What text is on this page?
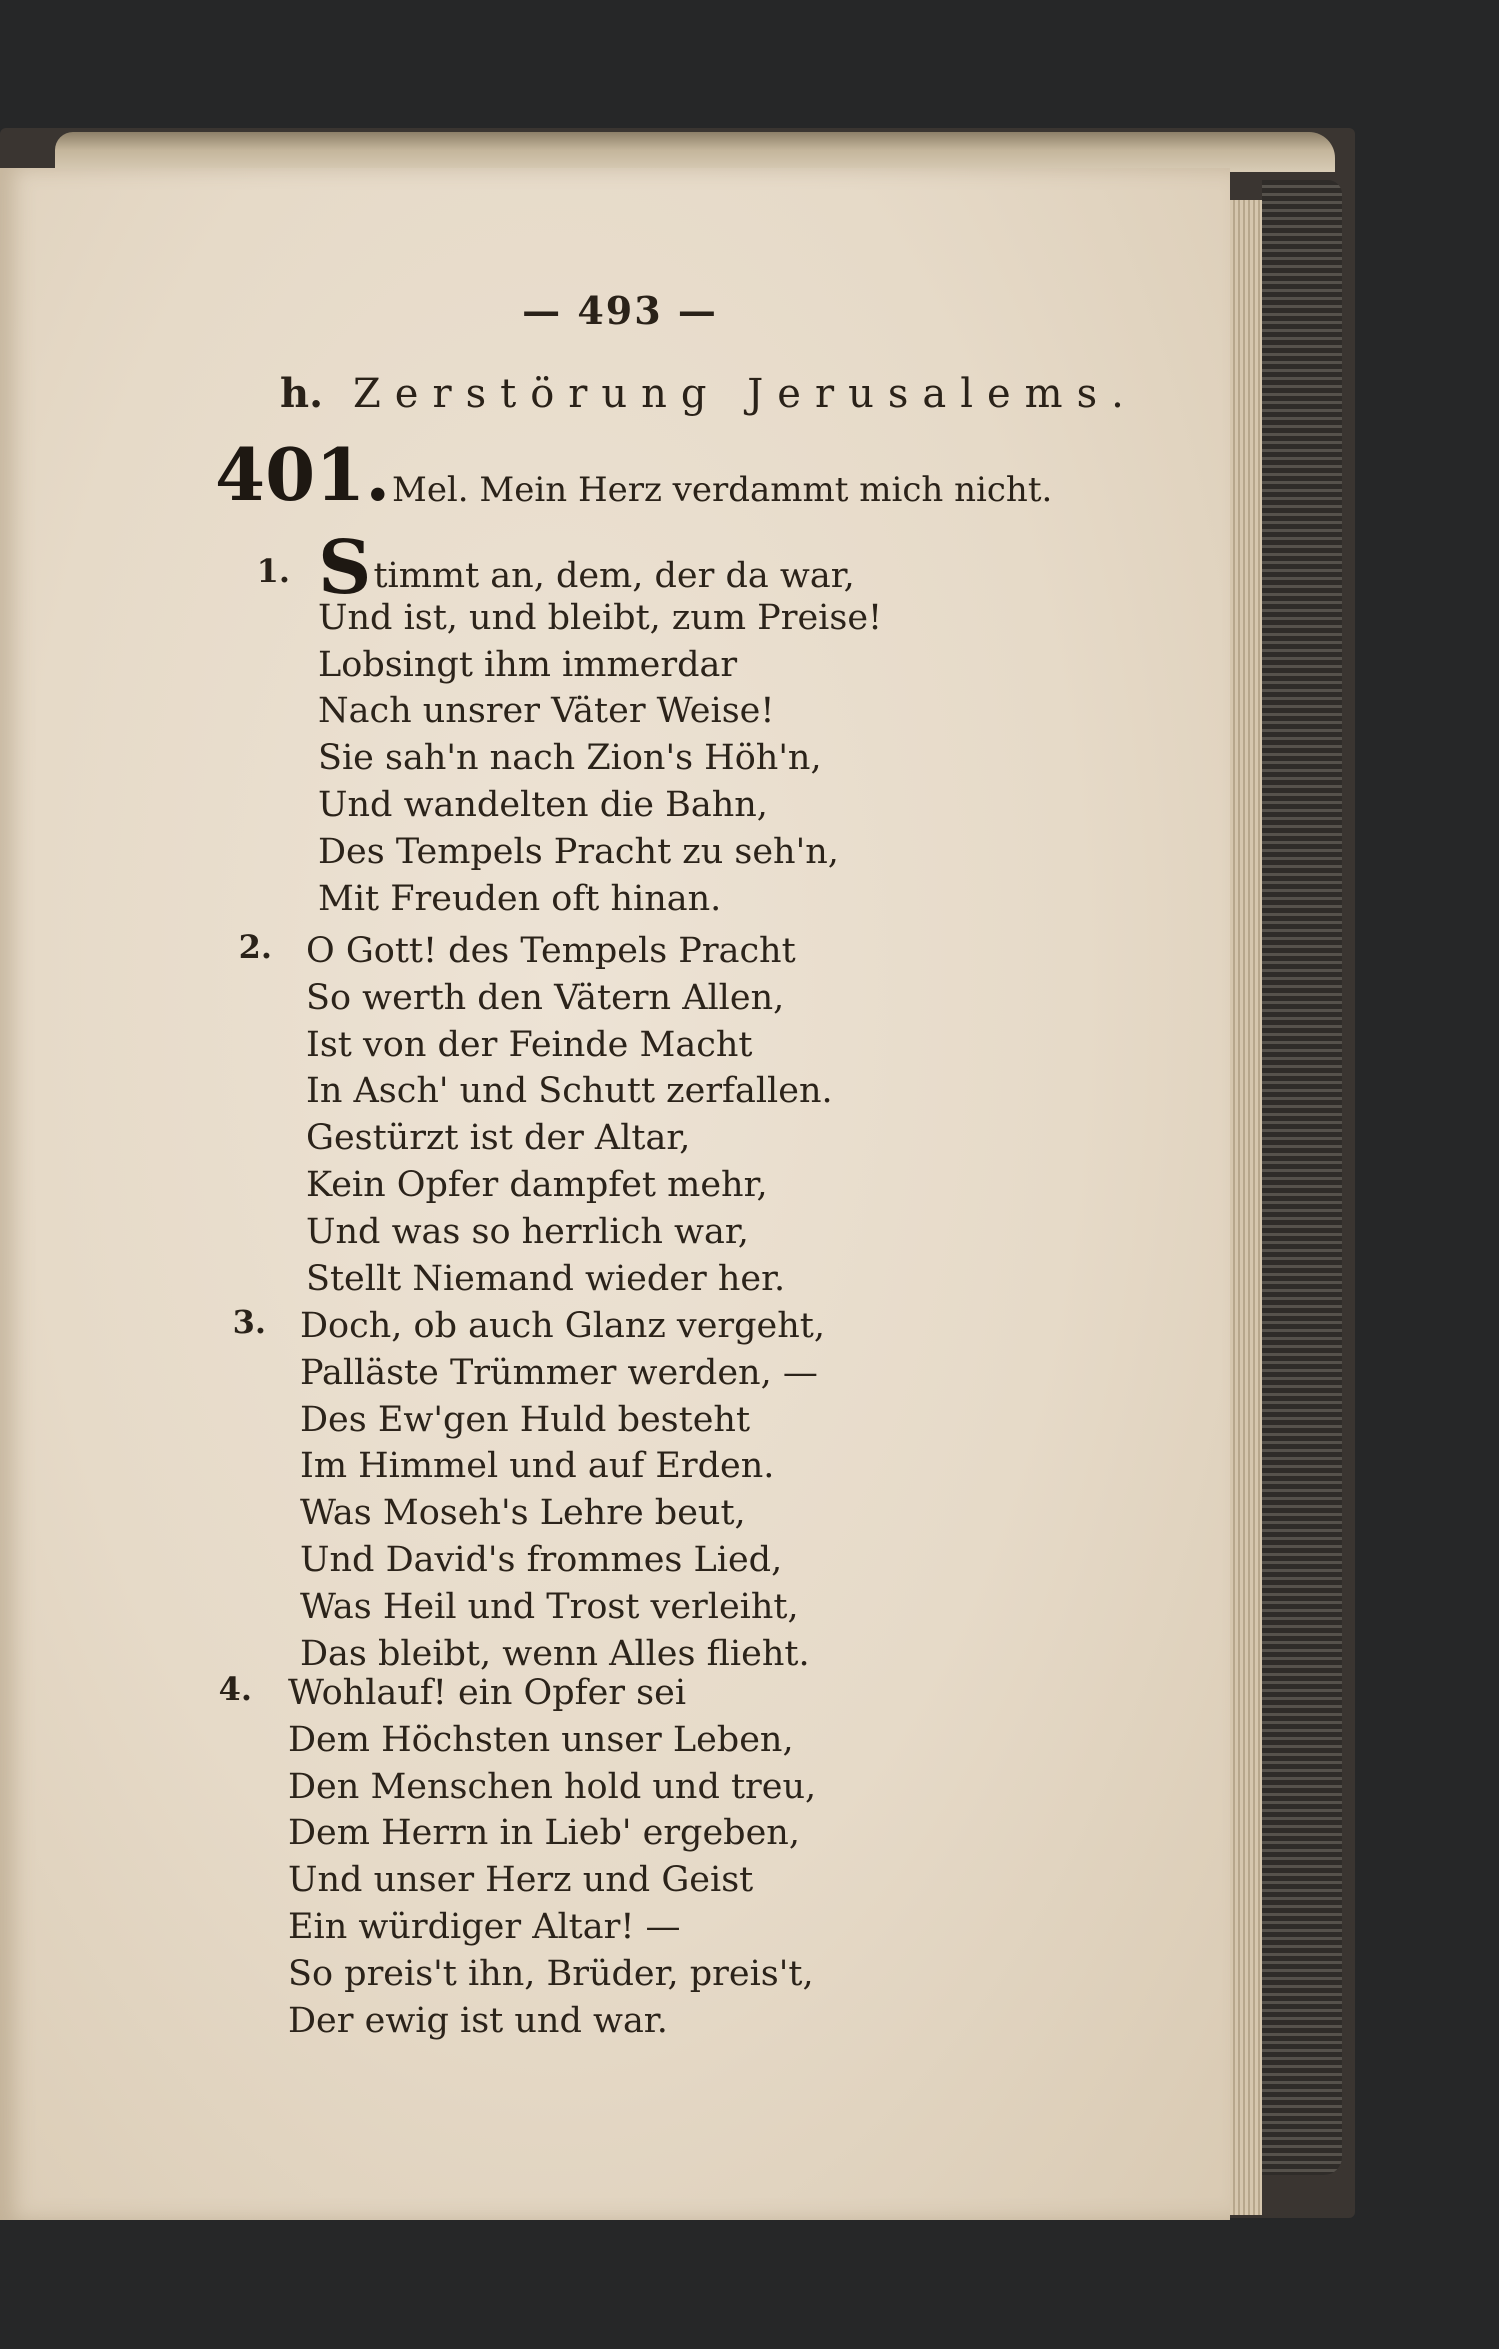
— 493 —
h. Zerstörung Jerusalems.
401. Mel. Mein Herz verdammt mich nicht.
1. Stimmt an, dem, der da war,
Und ist, und bleibt, zum Preise!
Lobsingt ihm immerdar
Nach unsrer Väter Weise!
Sie sah'n nach Zion's Höh'n,
Und wandelten die Bahn,
Des Tempels Pracht zu seh'n,
Mit Freuden oft hinan.
2. O Gott! des Tempels Pracht
So werth den Vätern Allen,
Ist von der Feinde Macht
In Asch' und Schutt zerfallen.
Gestürzt ist der Altar,
Kein Opfer dampfet mehr,
Und was so herrlich war,
Stellt Niemand wieder her.
3. Doch, ob auch Glanz vergeht,
Palläste Trümmer werden, —
Des Ew'gen Huld besteht
Im Himmel und auf Erden.
Was Moseh's Lehre beut,
Und David's frommes Lied,
Was Heil und Trost verleiht,
Das bleibt, wenn Alles flieht.
4. Wohlauf! ein Opfer sei
Dem Höchsten unser Leben,
Den Menschen hold und treu,
Dem Herrn in Lieb' ergeben,
Und unser Herz und Geist
Ein würdiger Altar! —
So preis't ihn, Brüder, preis't,
Der ewig ist und war.
